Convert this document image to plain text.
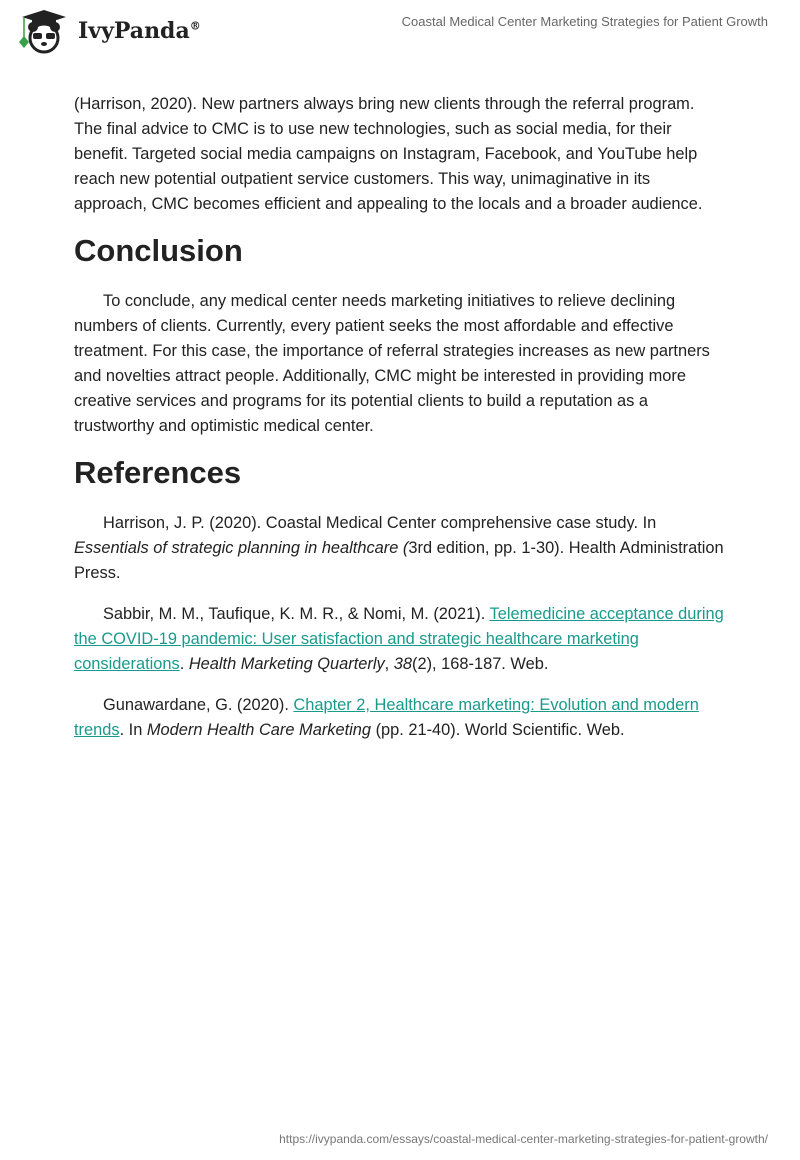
IvyPanda®	Coastal Medical Center Marketing Strategies for Patient Growth

(Harrison, 2020). New partners always bring new clients through the referral program. The final advice to CMC is to use new technologies, such as social media, for their benefit. Targeted social media campaigns on Instagram, Facebook, and YouTube help reach new potential outpatient service customers. This way, unimaginative in its approach, CMC becomes efficient and appealing to the locals and a broader audience.

Conclusion

To conclude, any medical center needs marketing initiatives to relieve declining numbers of clients. Currently, every patient seeks the most affordable and effective treatment. For this case, the importance of referral strategies increases as new partners and novelties attract people. Additionally, CMC might be interested in providing more creative services and programs for its potential clients to build a reputation as a trustworthy and optimistic medical center.

References

Harrison, J. P. (2020). Coastal Medical Center comprehensive case study. In Essentials of strategic planning in healthcare (3rd edition, pp. 1-30). Health Administration Press.

Sabbir, M. M., Taufique, K. M. R., & Nomi, M. (2021). Telemedicine acceptance during the COVID-19 pandemic: User satisfaction and strategic healthcare marketing considerations. Health Marketing Quarterly, 38(2), 168-187. Web.

Gunawardane, G. (2020). Chapter 2, Healthcare marketing: Evolution and modern trends. In Modern Health Care Marketing (pp. 21-40). World Scientific. Web.

https://ivypanda.com/essays/coastal-medical-center-marketing-strategies-for-patient-growth/
